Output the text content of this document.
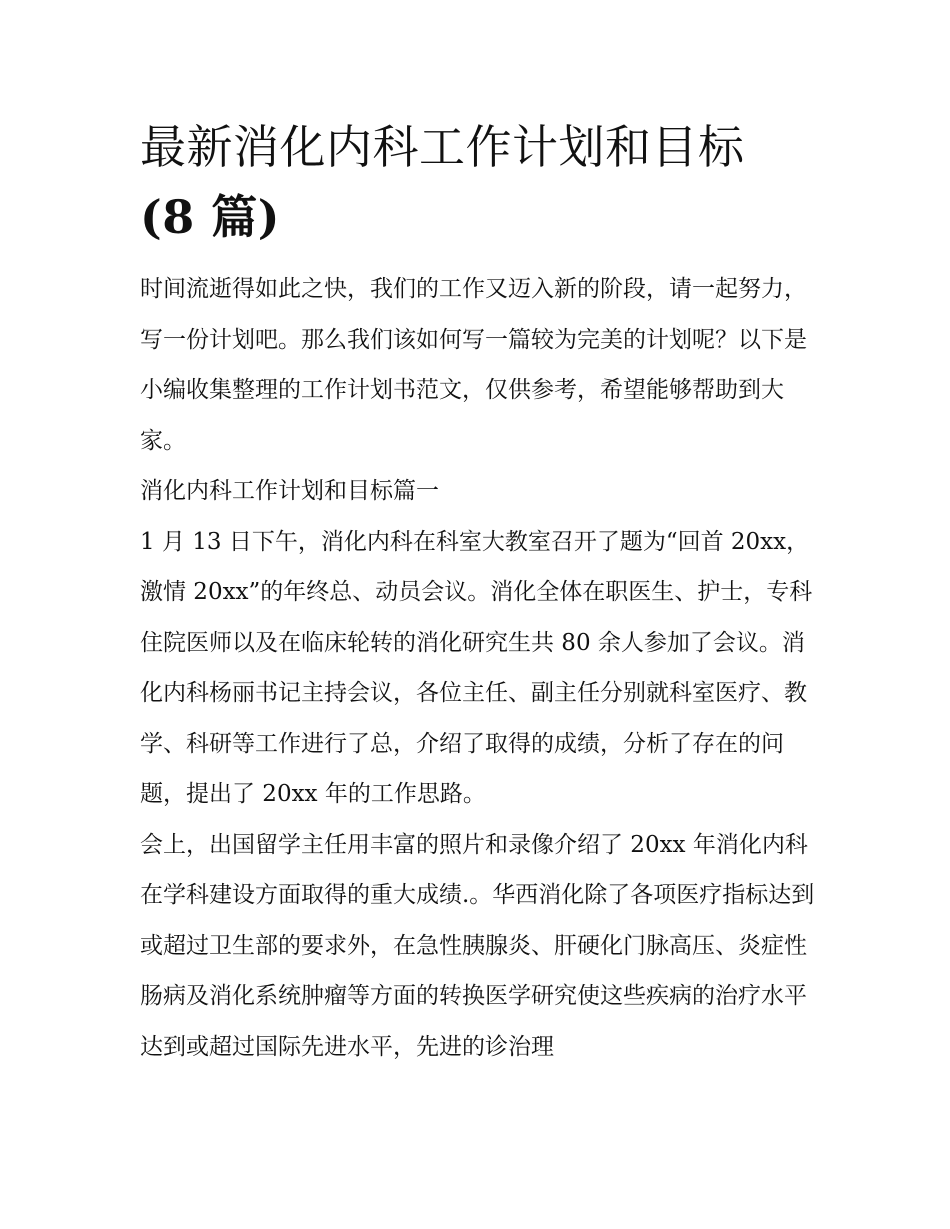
最新消化内科工作计划和目标
(8 篇)

时间流逝得如此之快，我们的工作又迈入新的阶段，请一起努力，写一份计划吧。那么我们该如何写一篇较为完美的计划呢？以下是小编收集整理的工作计划书范文，仅供参考，希望能够帮助到大家。

消化内科工作计划和目标篇一

1 月 13 日下午，消化内科在科室大教室召开了题为“回首 20xx，激情 20xx”的年终总、动员会议。消化全体在职医生、护士，专科住院医师以及在临床轮转的消化研究生共 80 余人参加了会议。消化内科杨丽书记主持会议，各位主任、副主任分别就科室医疗、教学、科研等工作进行了总，介绍了取得的成绩，分析了存在的问题，提出了 20xx 年的工作思路。

会上，出国留学主任用丰富的照片和录像介绍了 20xx 年消化内科在学科建设方面取得的重大成绩.。华西消化除了各项医疗指标达到或超过卫生部的要求外，在急性胰腺炎、肝硬化门脉高压、炎症性肠病及消化系统肿瘤等方面的转换医学研究使这些疾病的治疗水平达到或超过国际先进水平，先进的诊治理
